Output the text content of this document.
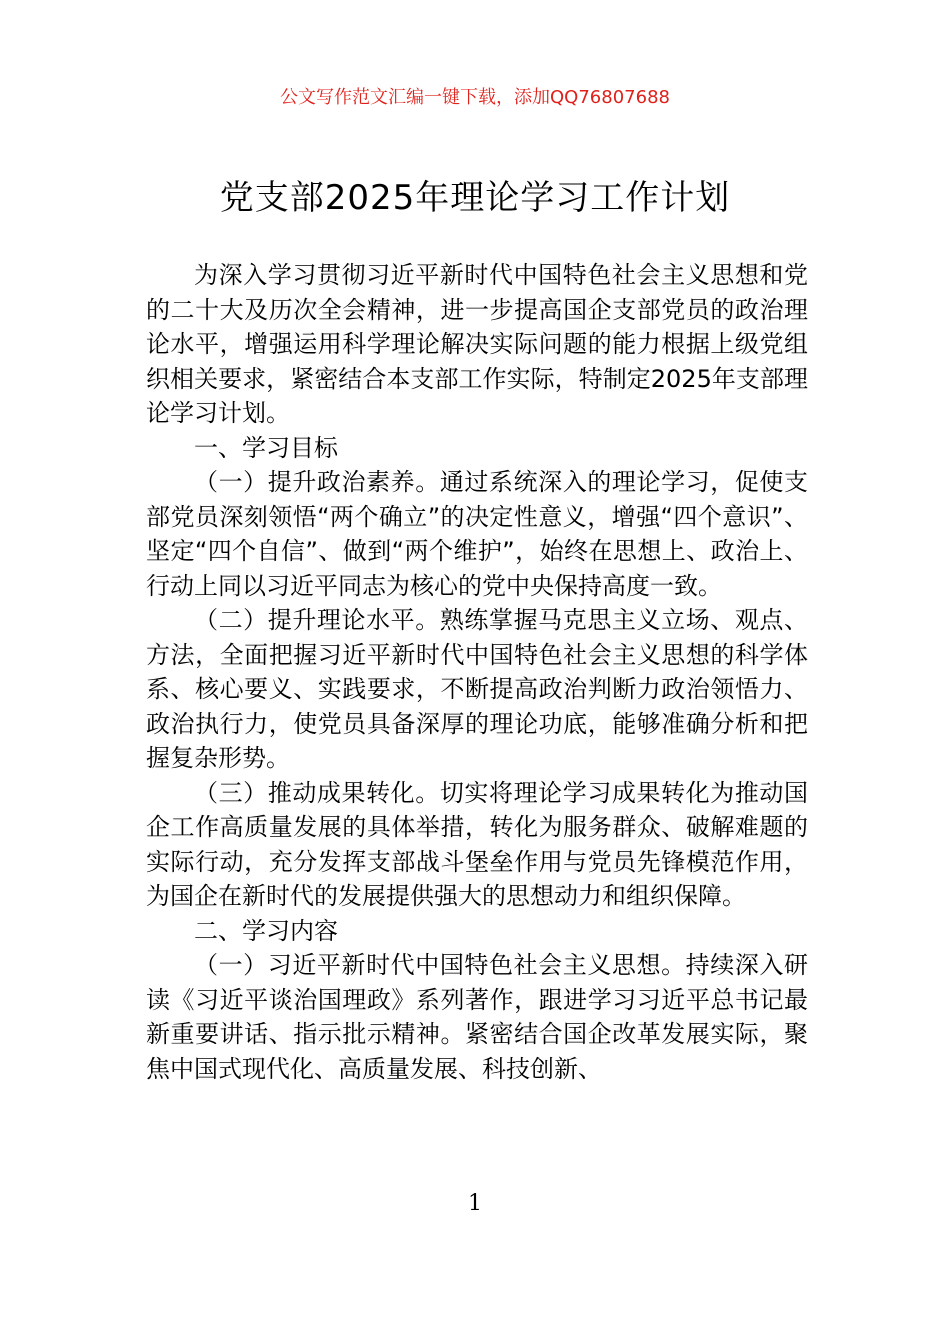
公文写作范文汇编一键下载，添加QQ76807688
党支部2025年理论学习工作计划

为深入学习贯彻习近平新时代中国特色社会主义思想和党的二十大及历次全会精神，进一步提高国企支部党员的政治理论水平，增强运用科学理论解决实际问题的能力根据上级党组织相关要求，紧密结合本支部工作实际，特制定2025年支部理论学习计划。

一、学习目标

（一）提升政治素养。通过系统深入的理论学习，促使支部党员深刻领悟“两个确立”的决定性意义，增强“四个意识”、坚定“四个自信”、做到“两个维护”，始终在思想上、政治上、行动上同以习近平同志为核心的党中央保持高度一致。

（二）提升理论水平。熟练掌握马克思主义立场、观点、方法，全面把握习近平新时代中国特色社会主义思想的科学体系、核心要义、实践要求，不断提高政治判断力政治领悟力、政治执行力，使党员具备深厚的理论功底，能够准确分析和把握复杂形势。

（三）推动成果转化。切实将理论学习成果转化为推动国企工作高质量发展的具体举措，转化为服务群众、破解难题的实际行动，充分发挥支部战斗堡垒作用与党员先锋模范作用，为国企在新时代的发展提供强大的思想动力和组织保障。

二、学习内容

（一）习近平新时代中国特色社会主义思想。持续深入研读《习近平谈治国理政》系列著作，跟进学习习近平总书记最新重要讲话、指示批示精神。紧密结合国企改革发展实际，聚焦中国式现代化、高质量发展、科技创新、

1
